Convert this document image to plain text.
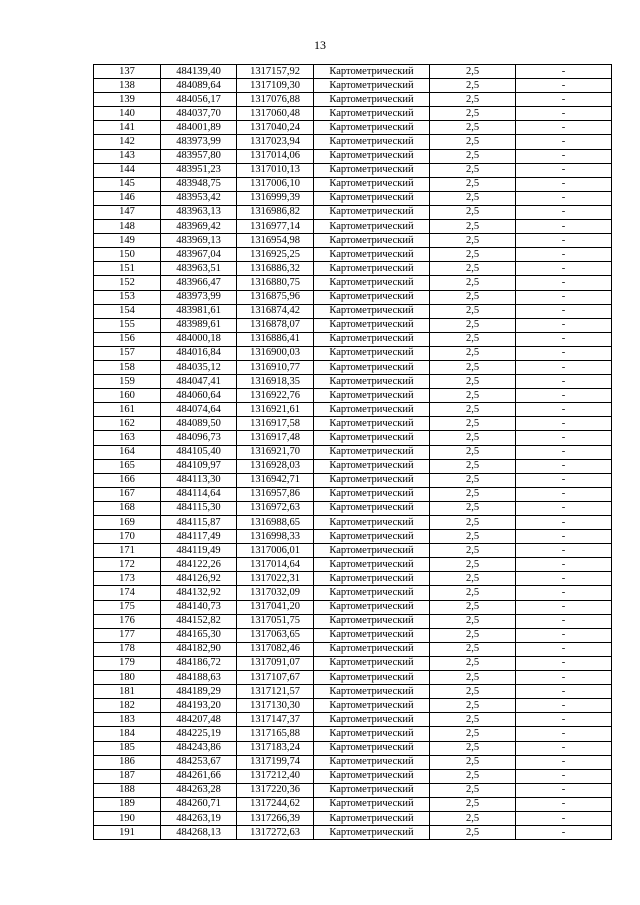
13
137	484139,40	1317157,92	Картометрический	2,5	-
138	484089,64	1317109,30	Картометрический	2,5	-
139	484056,17	1317076,88	Картометрический	2,5	-
140	484037,70	1317060,48	Картометрический	2,5	-
141	484001,89	1317040,24	Картометрический	2,5	-
142	483973,99	1317023,94	Картометрический	2,5	-
143	483957,80	1317014,06	Картометрический	2,5	-
144	483951,23	1317010,13	Картометрический	2,5	-
145	483948,75	1317006,10	Картометрический	2,5	-
146	483953,42	1316999,39	Картометрический	2,5	-
147	483963,13	1316986,82	Картометрический	2,5	-
148	483969,42	1316977,14	Картометрический	2,5	-
149	483969,13	1316954,98	Картометрический	2,5	-
150	483967,04	1316925,25	Картометрический	2,5	-
151	483963,51	1316886,32	Картометрический	2,5	-
152	483966,47	1316880,75	Картометрический	2,5	-
153	483973,99	1316875,96	Картометрический	2,5	-
154	483981,61	1316874,42	Картометрический	2,5	-
155	483989,61	1316878,07	Картометрический	2,5	-
156	484000,18	1316886,41	Картометрический	2,5	-
157	484016,84	1316900,03	Картометрический	2,5	-
158	484035,12	1316910,77	Картометрический	2,5	-
159	484047,41	1316918,35	Картометрический	2,5	-
160	484060,64	1316922,76	Картометрический	2,5	-
161	484074,64	1316921,61	Картометрический	2,5	-
162	484089,50	1316917,58	Картометрический	2,5	-
163	484096,73	1316917,48	Картометрический	2,5	-
164	484105,40	1316921,70	Картометрический	2,5	-
165	484109,97	1316928,03	Картометрический	2,5	-
166	484113,30	1316942,71	Картометрический	2,5	-
167	484114,64	1316957,86	Картометрический	2,5	-
168	484115,30	1316972,63	Картометрический	2,5	-
169	484115,87	1316988,65	Картометрический	2,5	-
170	484117,49	1316998,33	Картометрический	2,5	-
171	484119,49	1317006,01	Картометрический	2,5	-
172	484122,26	1317014,64	Картометрический	2,5	-
173	484126,92	1317022,31	Картометрический	2,5	-
174	484132,92	1317032,09	Картометрический	2,5	-
175	484140,73	1317041,20	Картометрический	2,5	-
176	484152,82	1317051,75	Картометрический	2,5	-
177	484165,30	1317063,65	Картометрический	2,5	-
178	484182,90	1317082,46	Картометрический	2,5	-
179	484186,72	1317091,07	Картометрический	2,5	-
180	484188,63	1317107,67	Картометрический	2,5	-
181	484189,29	1317121,57	Картометрический	2,5	-
182	484193,20	1317130,30	Картометрический	2,5	-
183	484207,48	1317147,37	Картометрический	2,5	-
184	484225,19	1317165,88	Картометрический	2,5	-
185	484243,86	1317183,24	Картометрический	2,5	-
186	484253,67	1317199,74	Картометрический	2,5	-
187	484261,66	1317212,40	Картометрический	2,5	-
188	484263,28	1317220,36	Картометрический	2,5	-
189	484260,71	1317244,62	Картометрический	2,5	-
190	484263,19	1317266,39	Картометрический	2,5	-
191	484268,13	1317272,63	Картометрический	2,5	-
